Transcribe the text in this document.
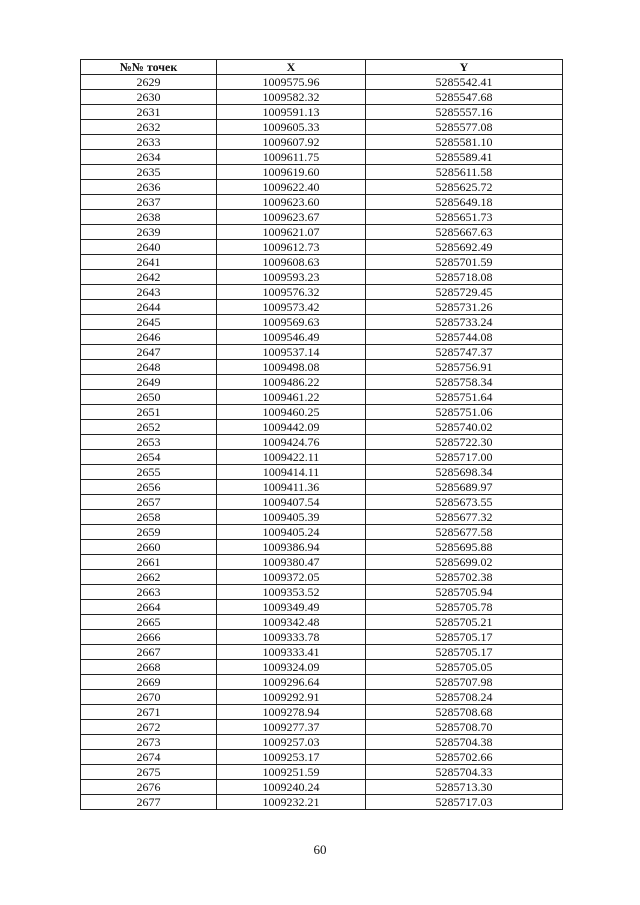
№№ точек	X	Y
2629	1009575.96	5285542.41
2630	1009582.32	5285547.68
2631	1009591.13	5285557.16
2632	1009605.33	5285577.08
2633	1009607.92	5285581.10
2634	1009611.75	5285589.41
2635	1009619.60	5285611.58
2636	1009622.40	5285625.72
2637	1009623.60	5285649.18
2638	1009623.67	5285651.73
2639	1009621.07	5285667.63
2640	1009612.73	5285692.49
2641	1009608.63	5285701.59
2642	1009593.23	5285718.08
2643	1009576.32	5285729.45
2644	1009573.42	5285731.26
2645	1009569.63	5285733.24
2646	1009546.49	5285744.08
2647	1009537.14	5285747.37
2648	1009498.08	5285756.91
2649	1009486.22	5285758.34
2650	1009461.22	5285751.64
2651	1009460.25	5285751.06
2652	1009442.09	5285740.02
2653	1009424.76	5285722.30
2654	1009422.11	5285717.00
2655	1009414.11	5285698.34
2656	1009411.36	5285689.97
2657	1009407.54	5285673.55
2658	1009405.39	5285677.32
2659	1009405.24	5285677.58
2660	1009386.94	5285695.88
2661	1009380.47	5285699.02
2662	1009372.05	5285702.38
2663	1009353.52	5285705.94
2664	1009349.49	5285705.78
2665	1009342.48	5285705.21
2666	1009333.78	5285705.17
2667	1009333.41	5285705.17
2668	1009324.09	5285705.05
2669	1009296.64	5285707.98
2670	1009292.91	5285708.24
2671	1009278.94	5285708.68
2672	1009277.37	5285708.70
2673	1009257.03	5285704.38
2674	1009253.17	5285702.66
2675	1009251.59	5285704.33
2676	1009240.24	5285713.30
2677	1009232.21	5285717.03
60
